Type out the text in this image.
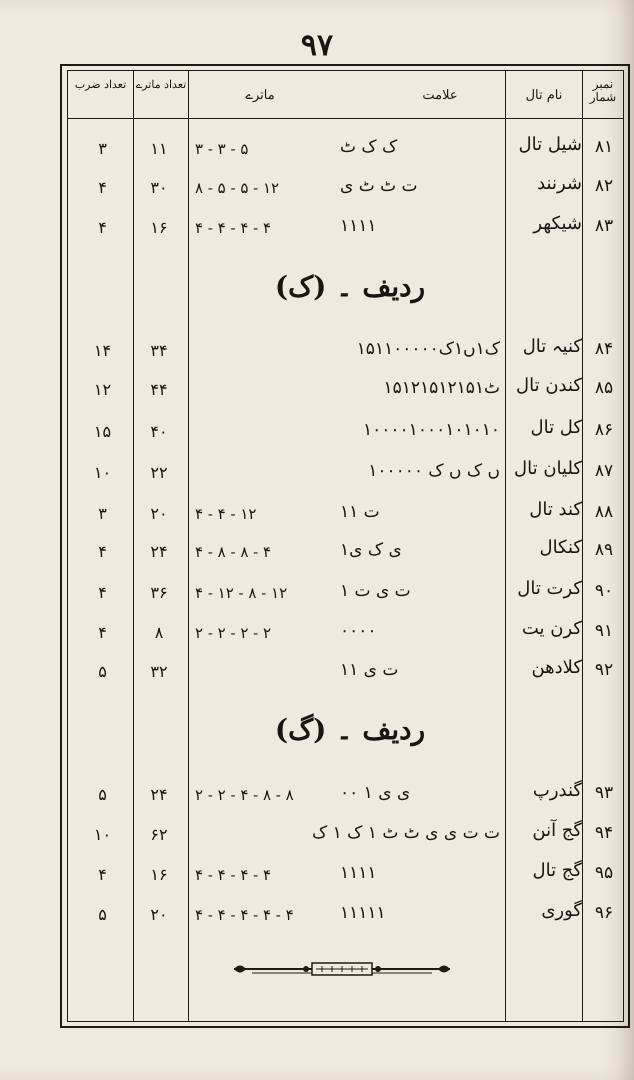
۹۷
نمبر شمار
نام تال
علامت
ماترے
تعداد ماترے
تعداد ضرب
۸۱
شیل تال
ک ک ٹ
۳ - ۳ - ۵
۱۱
۳
۸۲
شرنند
ت ٹ ٹ ی
۸ - ۵ - ۵ - ۱۲
۳۰
۴
۸۳
شیکھر
۱۱۱۱
۴ - ۴ - ۴ - ۴
۱۶
۴
ردیف ۔ (ک)
۸۴
کنیہ تال
۱۵۱ک۱ں۱ک۱۰۰۰۰۰
۳۴
۱۴
۸۵
کندن تال
ٹ۱۵۱۲۱۵۱۲۱۵۱
۴۴
۱۲
۸۶
کل تال
۱۰۰۰۰۱۰۰۰۱۰۱۰۱۰
۴۰
۱۵
۸۷
کلیان تال
۱۰۰۰ں ک ں ک ۰۰
۲۲
۱۰
۸۸
کند تال
ت ۱۱
۴ - ۴ - ۱۲
۲۰
۳
۸۹
کنکال
۱ی ک ی
۴ - ۸ - ۸ - ۴
۲۴
۴
۹۰
کرت تال
ت ی ت ۱
۴ - ۱۲ - ۸ - ۱۲
۳۶
۴
۹۱
کرن یت
۰۰۰۰
۲ - ۲ - ۲ - ۲
۸
۴
۹۲
کلادھن
ت ی ۱۱
۳۲
۵
ردیف ۔ (گ)
۹۳
گندرپ
ی ی ۱ ۰۰
۲ - ۲ - ۴ - ۸ - ۸
۲۴
۵
۹۴
گج آنن
ت ت ی ی ٹ ٹ ۱ ک ۱ ک
۶۲
۱۰
۹۵
گج تال
۱۱۱۱
۴ - ۴ - ۴ - ۴
۱۶
۴
۹۶
گوری
۱۱۱۱۱
۴ - ۴ - ۴ - ۴ - ۴
۲۰
۵
